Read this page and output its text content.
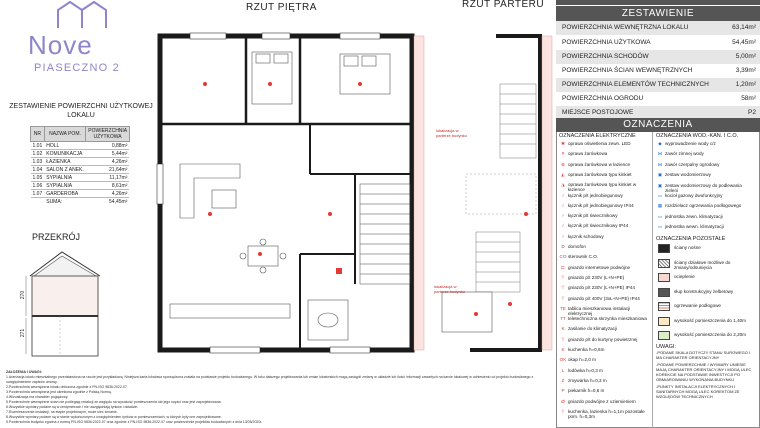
Nove
PIASECZNO 2
ZESTAWIENIE POWIERZCHNI UŻYTKOWEJ LOKALU
NR	NAZWA POM.	POWIERZCHNIA UŻYTKOWA
1.01	HOLL	0,88m²
1.02	KOMUNIKACJA	5,44m²
1.03	ŁAZIENKA	4,26m²
1.04	SALON Z ANEK.	21,64m²
1.05	SYPIALNIA	11,17m²
1.06	SYPIALNIA	8,61m²
1.07	GARDEROBA	4,26m²
	SUMA:	54,45m²
PRZEKRÓJ
270
271
ZAŁOŻENIA I UWAGI:
1.Aranżacja lokalu mieszkalnego przedstawiona na rzucie jest przykładową. Niniejsza karta lokalowa sporządzona została na podstawie projektu budowlanego. W toku dalszego projektowania lub zmian lokatorskich mogą zastąpić zmiany w układzie lub ilości informacji zawartych na karcie lokalowej w odniesieniu od projektu budowlanego z uwzględnieniem zapisów umowy.
2.Powierzchnia wewnętrzna lokalu obliczona zgodnie z PN-ISO 9836:2022-07.
3.Powierzchnia wewnętrzna jest określona zgodnie z Polską Normą.
4.Wizualizacja ma charakter poglądowy.
5.Powierzchnie wewnętrzne ścian nie podlegają redakcji ze względu na wysokość pomieszczenia lub jego części oraz jest zaprojektowana.
6.Wszystkie wymiary podane są w centymetrach i nie uwzględniają tynków i okładzin.
7.Rozmieszczenie instalacji, na etapie projektowym, może ulec zmianie.
8.Wszystkie wymiary podane są w stanie wykończonym z uwzględnieniem tynków w pomieszczeniach, w których były one zaprojektowane.
9.Powierzchnia budynku zgodna z normą PN-ISO 9836:2022-07 oraz zgodnie z PN-ISO 9836:2022-07 oraz powierzchnie projektów budowlanych z dnia 13/05/2020r.
RZUT PIĘTRA	RZUT PARTERU
lokalizacja w parterze budynku
lokalizacja w parterze budynku
ZESTAWIENIE
POWIERZCHNIA WEWNĘTRZNA LOKALU	63,14m²
POWIERZCHNIA UŻYTKOWA	54,45m²
POWIERZCHNIA SCHODÓW	5,00m²
POWIERZCHNIA ŚCIAN WEWNĘTRZNYCH	3,39m²
POWIERZCHNIA ELEMENTÓW TECHNICZNYCH	1,20m²
POWIERZCHNIA OGRODU	58m²
MIEJSCE POSTOJOWE	P2
OZNACZENIA
OZNACZENIA ELEKTRYCZNE
✱ oprawa oświetlenia zewn. LED
✕ oprawa żarówkowa
⊗ oprawa żarówkowa w łazience
◭ oprawa żarówkowa typu kinkiet
◮ oprawa żarówkowa typu kinkiet w łazience
♂ łącznik p/t jednobiegunowy
♂ łącznik p/t jednobiegunowy IP44
♂ łącznik p/t świecznikowy
♂ łącznik p/t świecznikowy IP44
♂ łącznik schodowy
D domofon
CO sterownik C.O.
⊏ gniazdo internetowe podwójne
⊤ gniazdo p/t 230V (L+N+PE)
⊤ gniazdo p/t 230V (L+N+PE) IP44
⊤ gniazdo p/t 400V (3xL+N+PE) IP44
TE tablica mieszkaniowa instalacji elektrycznej
TT teletechniczna skrzynka mieszkaniowa
K zasilanie do klimatyzacji
⊤ gniazdo p/t do kurtyny powietrznej
K kuchenka h=0,6m
OK okap h=2,0 m
L lodówka h=0,3 m
Z zmywarka h=0,3 m
P piekarnik h=0,6 m
Ø gniazdo podwójne z uziemieniem
⊤ kuchenka, łazienka h=1,1m pozostałe pom. h=0,3m
OZNACZENIA WOD.-KAN. I C.O.
◆ wyprowadzenie wody c/z
⋈ zawór zimnej wody
⋈ zawór czerpalny ogrodowy
▣ zestaw wodomierzowy
▣ zestaw wodomierzowy do podlewania zieleni
▭ kocioł gazowy dwufunkcyjny
▦ rozdzielacz ogrzewania podłogowego
▭ jednostka zewn. klimatyzacji
▭ jednostka wewn. klimatyzacji
OZNACZENIA POZOSTAŁE
ściany nośne
ściany działowe możliwe do zmiany/odsunięcia
ocieplenie
słup konstrukcyjny żelbetowy
ogrzewanie podłogowe
wysokość pomieszczenia do 1,40m
wysokość pomieszczenia do 2,20m
UWAGI:
-PODANE SKALA DOTYCZY STANU SUROWEGO I MA CHARAKTER ORIENTACYJNY
-PODANE POWIERZCHNIE I WYMIARY UNIESIE MAJĄ CHARAKTER ORIENTACYJNY I MOGĄ ULEC KOREKCIE NA PODSTAWIE INWESTYCJI PO OBMIAROWANIU WYKONANIA BUDYNKU
-PUNKTY INSTALACJI ELEKTRYCZNYCH I SANITARNYCH MOGĄ ULEC KOREKTOM ZE WZGLĘDÓW TECHNICZNYCH
